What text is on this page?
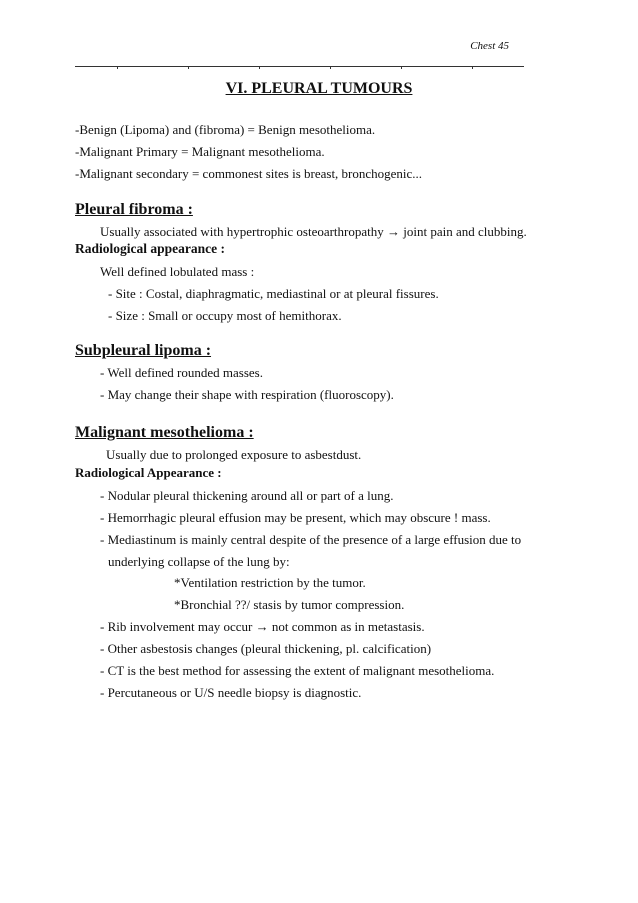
Chest 45
VI. PLEURAL TUMOURS
-Benign (Lipoma) and (fibroma) = Benign mesothelioma.
-Malignant Primary = Malignant mesothelioma.
-Malignant secondary = commonest sites is breast, bronchogenic...
Pleural fibroma :
Usually associated with hypertrophic osteoarthropathy → joint pain and clubbing.
Radiological appearance :
Well defined lobulated mass :
- Site : Costal, diaphragmatic, mediastinal or at pleural fissures.
- Size : Small or occupy most of hemithorax.
Subpleural lipoma :
- Well defined rounded masses.
- May change their shape with respiration (fluoroscopy).
Malignant mesothelioma :
Usually due to prolonged exposure to asbestdust.
Radiological Appearance :
- Nodular pleural thickening around all or part of a lung.
- Hemorrhagic pleural effusion may be present, which may obscure ! mass.
- Mediastinum is mainly central despite of the presence of a large effusion due to
underlying collapse of the lung by:
*Ventilation restriction by the tumor.
*Bronchial ??/ stasis by tumor compression.
- Rib involvement may occur → not common as in metastasis.
- Other asbestosis changes (pleural thickening, pl. calcification)
- CT is the best method for assessing the extent of malignant mesothelioma.
- Percutaneous or U/S needle biopsy is diagnostic.
